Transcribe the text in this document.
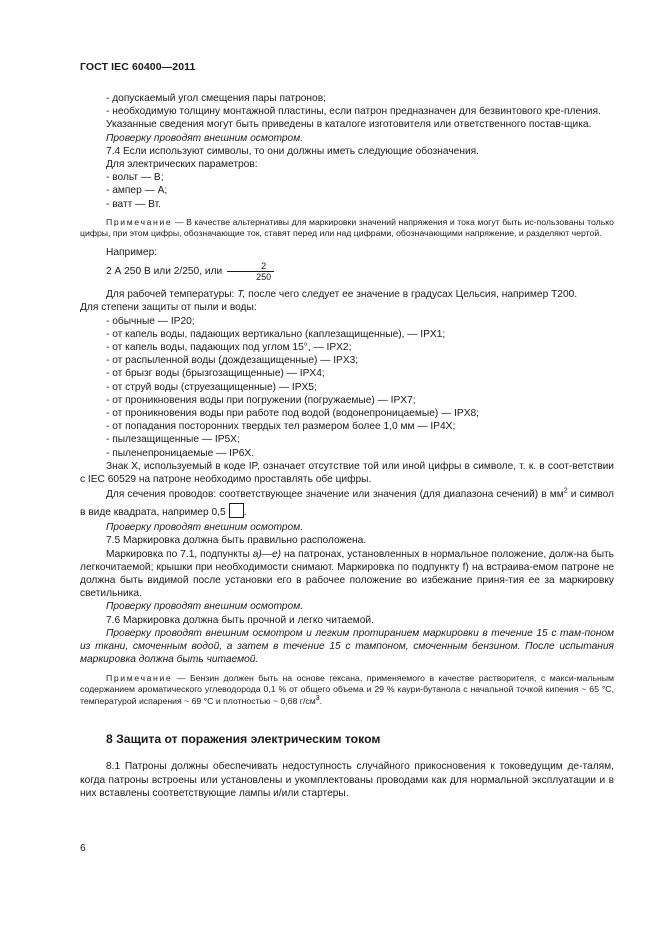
ГОСТ IEC 60400—2011

- допускаемый угол смещения пары патронов;

- необходимую толщину монтажной пластины, если патрон предназначен для безвинтового кре-пления.

Указанные сведения могут быть приведены в каталоге изготовителя или ответственного постав-щика.

Проверку проводят внешним осмотром.

7.4 Если используют символы, то они должны иметь следующие обозначения.

Для электрических параметров:

- вольт — В;

- ампер — А;

- ватт — Вт.

Примечание — В качестве альтернативы для маркировки значений напряжения и тока могут быть ис-пользованы только цифры, при этом цифры, обозначающие ток, ставят перед или над цифрами, обозначающими напряжение, и разделяют чертой.

Например:

2 А 250 В или 2/250, или $\frac{2}{250}$

Для рабочей температуры: T, после чего следует ее значение в градусах Цельсия, например Т200.

Для степени защиты от пыли и воды:

- обычные — IP20;

- от капель воды, падающих вертикально (каплезащищенные), — IPX1;

- от капель воды, падающих под углом 15°, — IPX2;

- от распыленной воды (дождезащищенные) — IPX3;

- от брызг воды (брызгозащищенные) — IPX4;

- от струй воды (струезащищенные) — IPX5;

- от проникновения воды при погружении (погружаемые) — IPX7;

- от проникновения воды при работе под водой (водонепроницаемые) — IPX8;

- от попадания посторонних твердых тел размером более 1,0 мм — IP4X;

- пылезащищенные — IP5X;

- пыленепроницаемые — IP6X.

Знак X, используемый в коде IP, означает отсутствие той или иной цифры в символе, т. к. в соот-ветствии с IEC 60529 на патроне необходимо проставлять обе цифры.

Для сечения проводов: соответствующее значение или значения (для диапазона сечений) в $мм^2$ и символ в виде квадрата, например 0,5 .

Проверку проводят внешним осмотром.

7.5 Маркировка должна быть правильно расположена.

Маркировка по 7.1, подпункты a)—e) на патронах, установленных в нормальное положение, долж-на быть легкочитаемой; крышки при необходимости снимают. Маркировка по подпункту f) на встраива-емом патроне не должна быть видимой после установки его в рабочее положение во избежание приня-тия ее за маркировку светильника.

Проверку проводят внешним осмотром.

7.6 Маркировка должна быть прочной и легко читаемой.

Проверку проводят внешним осмотром и легким протиранием маркировки в течение 15 с там-поном из ткани, смоченным водой, а затем в течение 15 с тампоном, смоченным бензином. После испытания маркировка должна быть читаемой.

Примечание — Бензин должен быть на основе гексана, применяемого в качестве растворителя, с макси-мальным содержанием ароматического углеводорода 0,1 % от общего объема и 29 % каури-бутанола с начальной точкой кипения ~ 65 °С, температурой испарения ~ 69 °С и плотностью ~ 0,68 $г/см^3$.

8 Защита от поражения электрическим током

8.1 Патроны должны обеспечивать недоступность случайного прикосновения к токоведущим де-талям, когда патроны встроены или установлены и укомплектованы проводами как для нормальной эксплуатации и в них вставлены соответствующие лампы и/или стартеры.

6
